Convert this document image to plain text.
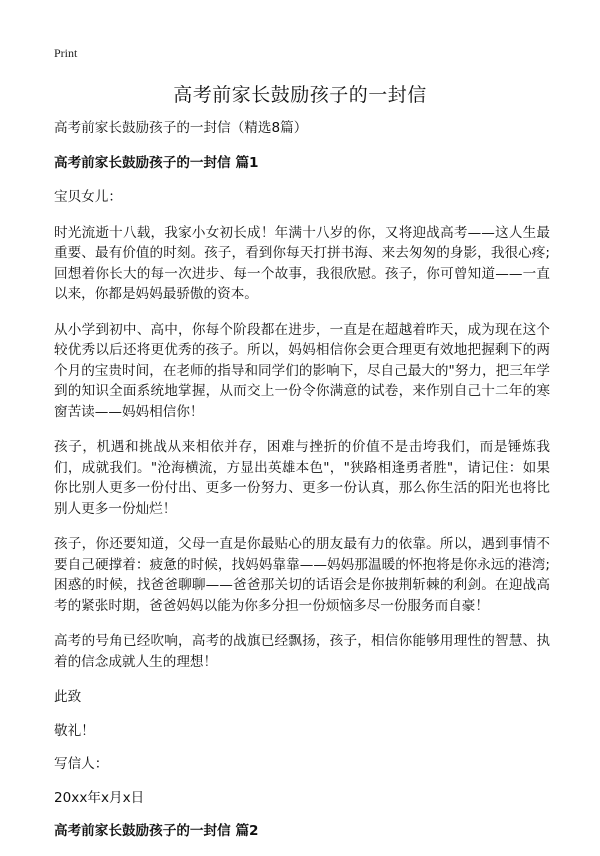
Print
高考前家长鼓励孩子的一封信

高考前家长鼓励孩子的一封信（精选8篇）

高考前家长鼓励孩子的一封信 篇1

宝贝女儿：

时光流逝十八载，我家小女初长成！年满十八岁的你，又将迎战高考——这人生最重要、最有价值的时刻。孩子，看到你每天打拼书海、来去匆匆的身影，我很心疼;回想着你长大的每一次进步、每一个故事，我很欣慰。孩子，你可曾知道——一直以来，你都是妈妈最骄傲的资本。

从小学到初中、高中，你每个阶段都在进步，一直是在超越着昨天，成为现在这个较优秀以后还将更优秀的孩子。所以，妈妈相信你会更合理更有效地把握剩下的两个月的宝贵时间，在老师的指导和同学们的影响下，尽自己最大的"努力，把三年学到的知识全面系统地掌握，从而交上一份令你满意的试卷，来作别自己十二年的寒窗苦读——妈妈相信你！

孩子，机遇和挑战从来相依并存，困难与挫折的价值不是击垮我们，而是锤炼我们，成就我们。"沧海横流，方显出英雄本色"，"狭路相逢勇者胜"，请记住：如果你比别人更多一份付出、更多一份努力、更多一份认真，那么你生活的阳光也将比别人更多一份灿烂！

孩子，你还要知道，父母一直是你最贴心的朋友最有力的依靠。所以，遇到事情不要自己硬撑着：疲惫的时候，找妈妈靠靠——妈妈那温暖的怀抱将是你永远的港湾;困惑的时候，找爸爸聊聊——爸爸那关切的话语会是你披荆斩棘的利剑。在迎战高考的紧张时期，爸爸妈妈以能为你多分担一份烦恼多尽一份服务而自豪！

高考的号角已经吹响，高考的战旗已经飘扬，孩子，相信你能够用理性的智慧、执着的信念成就人生的理想！

此致

敬礼！

写信人：

20xx年x月x日

高考前家长鼓励孩子的一封信 篇2
